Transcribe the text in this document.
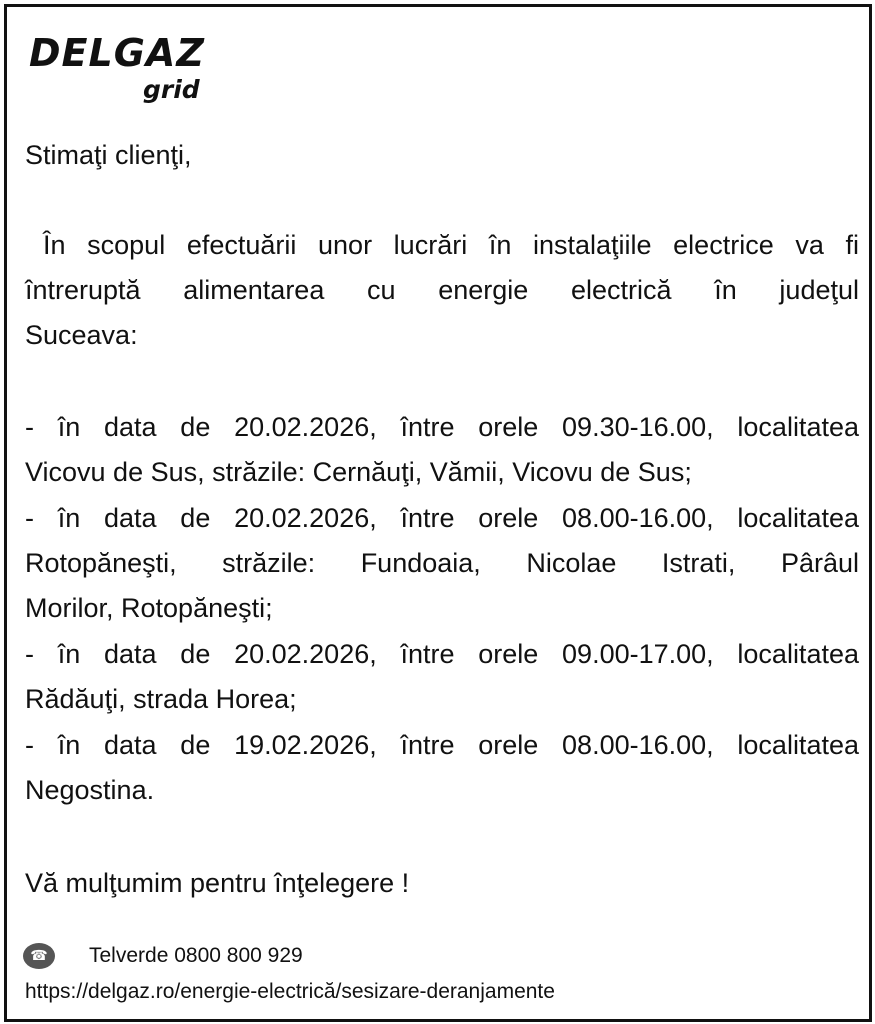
DELGAZ
grid

Stimaţi clienţi,

În scopul efectuării unor lucrări în instalaţiile electrice va fi

întreruptă alimentarea cu energie electrică în judeţul

Suceava:

- în data de 20.02.2026, între orele 09.30-16.00, localitatea

Vicovu de Sus, străzile: Cernăuţi, Vămii, Vicovu de Sus;

- în data de 20.02.2026, între orele 08.00-16.00, localitatea

Rotopăneşti, străzile: Fundoaia, Nicolae Istrati, Pârâul

Morilor, Rotopăneşti;

- în data de 20.02.2026, între orele 09.00-17.00, localitatea

Rădăuţi, strada Horea;

- în data de 19.02.2026, între orele 08.00-16.00, localitatea

Negostina.

Vă mulţumim pentru înţelegere !

☎	Telverde 0800 800 929

https://delgaz.ro/energie-electrică/sesizare-deranjamente
